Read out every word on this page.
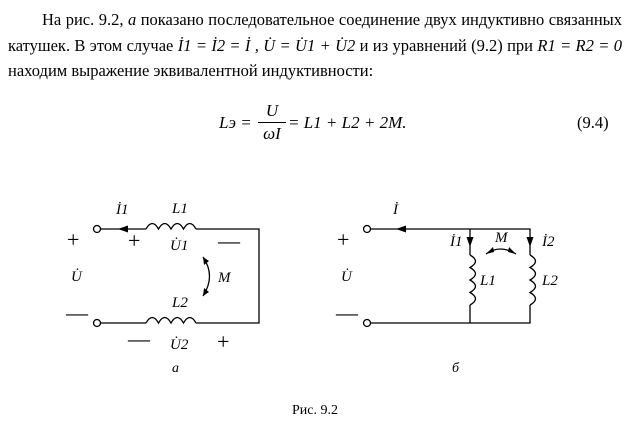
На рис. 9.2, а показано последовательное соединение двух индуктивно связанных катушек. В этом случае İ1 = İ2 = İ , U̇ = U̇1 + U̇2 и из уравнений (9.2) при R1 = R2 = 0 находим выражение эквивалентной индуктивности:

Lэ =
U
ωI
= L1 + L2 + 2M.	(9.4)
İ1	L1
U̇1
L2
U̇2
U̇	M
а
+
—
+	—
—	+
İ
İ1	İ2
M
L1	L2
U̇
б
+
—
Рис. 9.2
